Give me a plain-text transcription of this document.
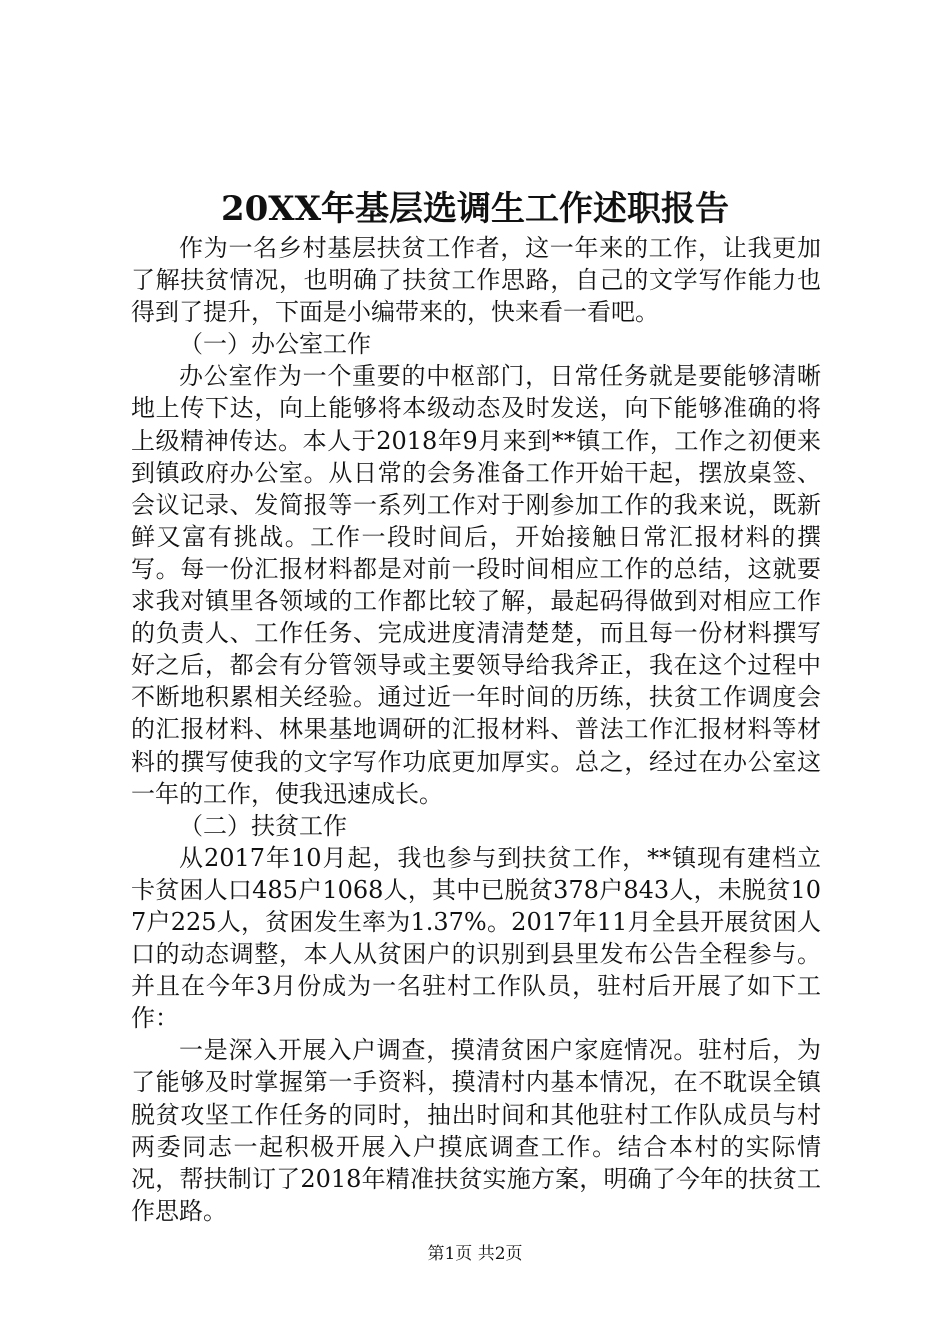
20XX年基层选调生工作述职报告

作为一名乡村基层扶贫工作者，这一年来的工作，让我更加了解扶贫情况，也明确了扶贫工作思路，自己的文学写作能力也得到了提升，下面是小编带来的，快来看一看吧。

（一）办公室工作

办公室作为一个重要的中枢部门，日常任务就是要能够清晰地上传下达，向上能够将本级动态及时发送，向下能够准确的将上级精神传达。本人于2018年9月来到**镇工作，工作之初便来到镇政府办公室。从日常的会务准备工作开始干起，摆放桌签、会议记录、发简报等一系列工作对于刚参加工作的我来说，既新鲜又富有挑战。工作一段时间后，开始接触日常汇报材料的撰写。每一份汇报材料都是对前一段时间相应工作的总结，这就要求我对镇里各领域的工作都比较了解，最起码得做到对相应工作的负责人、工作任务、完成进度清清楚楚，而且每一份材料撰写好之后，都会有分管领导或主要领导给我斧正，我在这个过程中不断地积累相关经验。通过近一年时间的历练，扶贫工作调度会的汇报材料、林果基地调研的汇报材料、普法工作汇报材料等材料的撰写使我的文字写作功底更加厚实。总之，经过在办公室这一年的工作，使我迅速成长。

（二）扶贫工作

从2017年10月起，我也参与到扶贫工作，**镇现有建档立卡贫困人口485户1068人，其中已脱贫378户843人，未脱贫107户225人，贫困发生率为1.37%。2017年11月全县开展贫困人口的动态调整，本人从贫困户的识别到县里发布公告全程参与。并且在今年3月份成为一名驻村工作队员，驻村后开展了如下工作：

一是深入开展入户调查，摸清贫困户家庭情况。驻村后，为了能够及时掌握第一手资料，摸清村内基本情况，在不耽误全镇脱贫攻坚工作任务的同时，抽出时间和其他驻村工作队成员与村两委同志一起积极开展入户摸底调查工作。结合本村的实际情况，帮扶制订了2018年精准扶贫实施方案，明确了今年的扶贫工作思路。

第1页 共2页
